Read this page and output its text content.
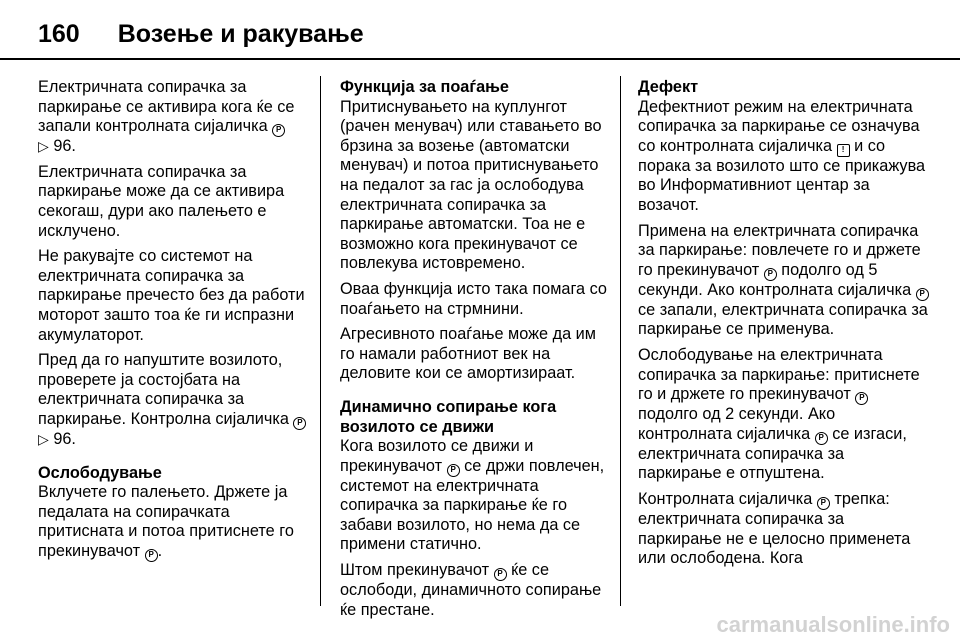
160 Возење и ракување
Електричната сопирачка за паркирање се активира кога ќе се запали контролната сијаличка P
▷ 96.
Електричната сопирачка за паркирање може да се активира секогаш, дури ако палењето е исклучено.
Не ракувајте со системот на електричната сопирачка за паркирање пречесто без да работи моторот зашто тоа ќе ги испразни акумулаторот.
Пред да го напуштите возилото, проверете ја состојбата на електричната сопирачка за паркирање. Контролна сијаличка P ▷ 96.
Ослободување
Вклучете го палењето. Држете ја педалата на сопирачката притисната и потоа притиснете го прекинувачот P .
Функција за поаѓање
Притиснувањето на куплунгот (рачен менувач) или ставањето во брзина за возење (автоматски менувач) и потоа притиснувањето на педалот за гас ја ослободува електричната сопирачка за паркирање автоматски. Тоа не е возможно кога прекинувачот се повлекува истовремено.
Оваа функција исто така помага со поаѓањето на стрмнини.
Агресивното поаѓање може да им го намали работниот век на деловите кои се амортизираат.
Динамично сопирање кога возилото се движи
Кога возилото се движи и прекинувачот P се држи повлечен, системот на електричната сопирачка за паркирање ќе го забави возилото, но нема да се примени статично.
Штом прекинувачот P ќе се ослободи, динамичното сопирање ќе престане.
Дефект
Дефектниот режим на електричната сопирачка за паркирање се означува со контролната сијаличка ! и со порака за возилото што се прикажува во Информативниот центар за возачот.
Примена на електричната сопирачка за паркирање: повлечете го и држете го прекинувачот P подолго од 5 секунди. Ако контролната сијаличка P се запали, електричната сопирачка за паркирање се применува.
Ослободување на електричната сопирачка за паркирање: притиснете го и држете го прекинувачот P подолго од 2 секунди. Ако контролната сијаличка P се изгаси, електричната сопирачка за паркирање е отпуштена.
Контролната сијаличка P трепка: електричната сопирачка за паркирање не е целосно применета или ослободена. Кога
carmanualsonline.info
